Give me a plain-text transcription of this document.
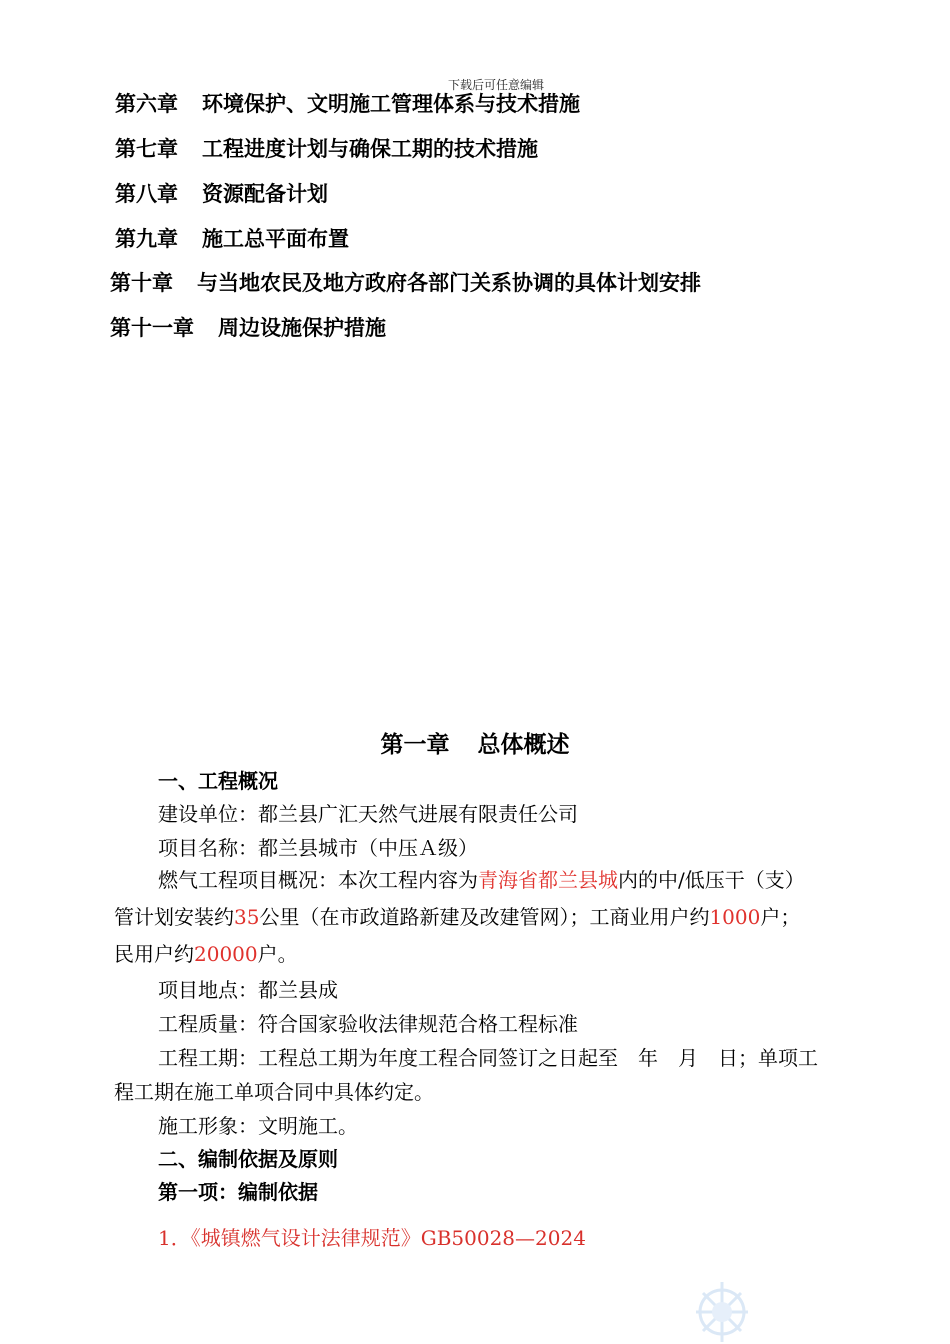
下载后可任意编辑
第六章 环境保护、文明施工管理体系与技术措施
第七章 工程进度计划与确保工期的技术措施
第八章 资源配备计划
第九章 施工总平面布置
第十章 与当地农民及地方政府各部门关系协调的具体计划安排
第十一章 周边设施保护措施
第一章 总体概述
一、工程概况
建设单位：都兰县广汇天然气进展有限责任公司
项目名称：都兰县城市（中压Ａ级）
燃气工程项目概况：本次工程内容为青海省都兰县城内的中/低压干（支）
管计划安装约35公里（在市政道路新建及改建管网）；工商业用户约1000户；
民用户约20000户。
项目地点：都兰县成
工程质量：符合国家验收法律规范合格工程标准
工程工期：工程总工期为年度工程合同签订之日起至　年　月　日；单项工
程工期在施工单项合同中具体约定。
施工形象：文明施工。
二、编制依据及原则
第一项：编制依据
1．《城镇燃气设计法律规范》GB50028—2024
